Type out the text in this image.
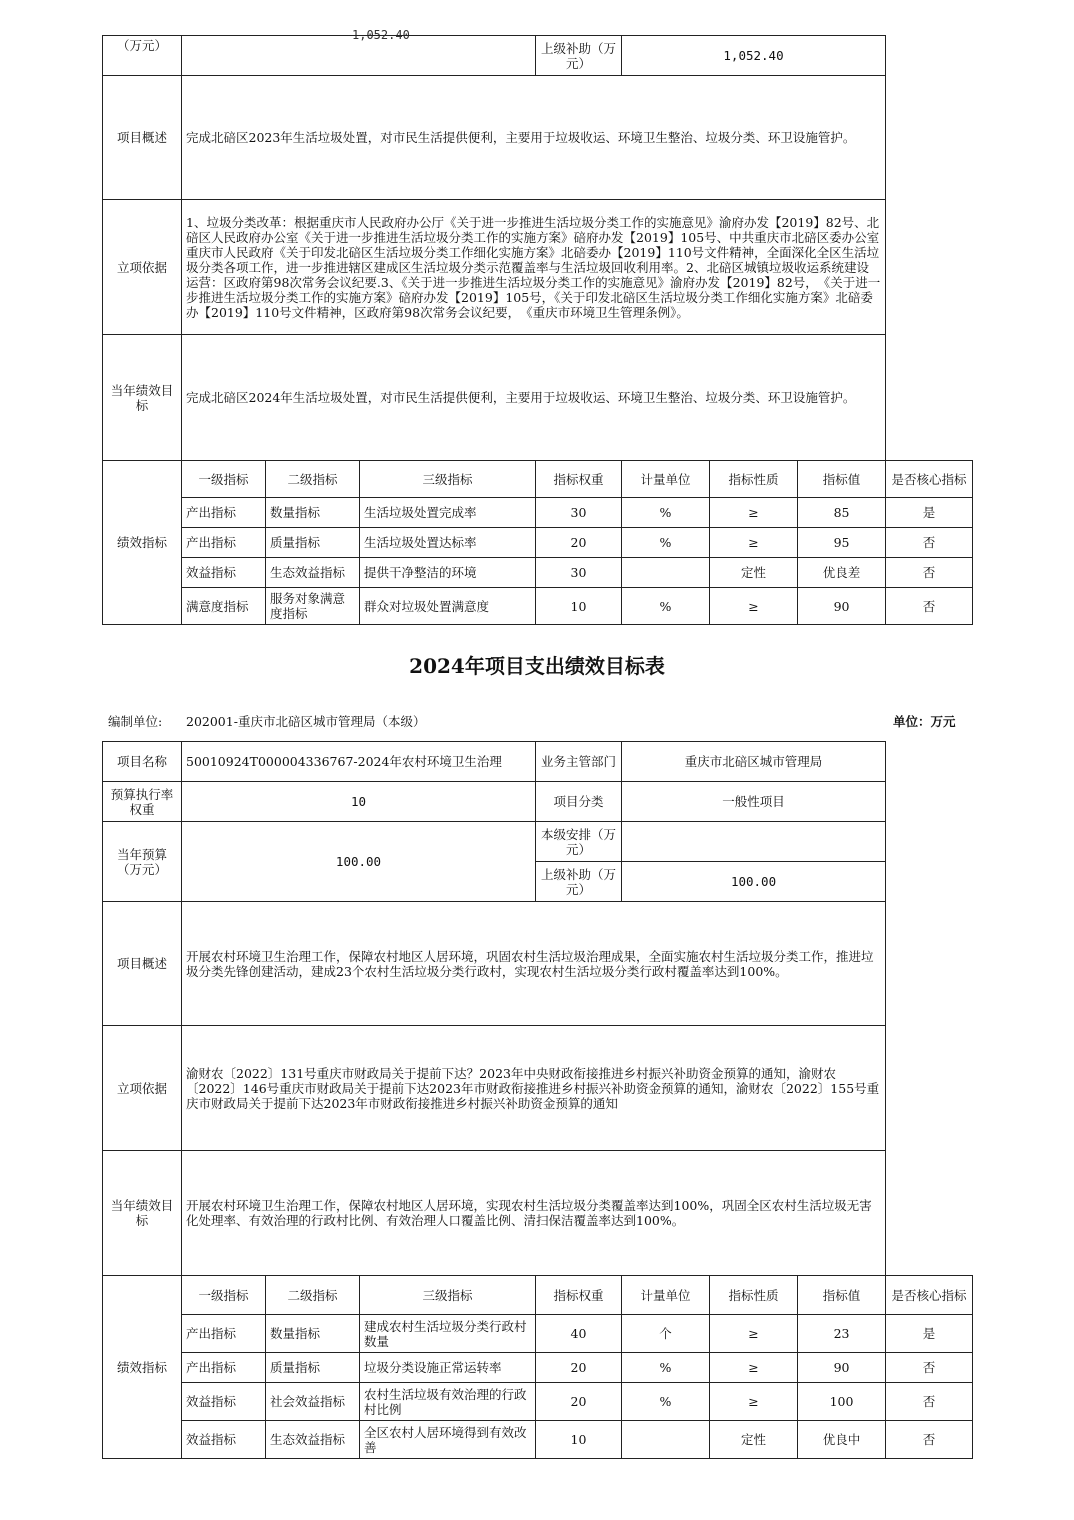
1,052.40
（万元）				上级补助（万元）	1,052.40			
项目概述	完成北碚区2023年生活垃圾处置，对市民生活提供便利，主要用于垃圾收运、环境卫生整治、垃圾分类、环卫设施管护。							
立项依据	1、垃圾分类改革：根据重庆市人民政府办公厅《关于进一步推进生活垃圾分类工作的实施意见》渝府办发【2019】82号、北碚区人民政府办公室《关于进一步推进生活垃圾分类工作的实施方案》碚府办发【2019】105号、中共重庆市北碚区委办公室重庆市人民政府《关于印发北碚区生活垃圾分类工作细化实施方案》北碚委办【2019】110号文件精神，全面深化全区生活垃圾分类各项工作，进一步推进辖区建成区生活垃圾分类示范覆盖率与生活垃圾回收利用率。2、北碚区城镇垃圾收运系统建设运营：区政府第98次常务会议纪要.3、《关于进一步推进生活垃圾分类工作的实施意见》渝府办发【2019】82号，　《关于进一步推进生活垃圾分类工作的实施方案》碚府办发【2019】105号，《关于印发北碚区生活垃圾分类工作细化实施方案》北碚委办【2019】110号文件精神，区政府第98次常务会议纪要，　《重庆市环境卫生管理条例》。							
当年绩效目标	完成北碚区2024年生活垃圾处置，对市民生活提供便利，主要用于垃圾收运、环境卫生整治、垃圾分类、环卫设施管护。							
绩效指标	一级指标	二级指标	三级指标	指标权重	计量单位	指标性质	指标值	是否核心指标
	产出指标	数量指标	生活垃圾处置完成率	30	%	≥	85	是
	产出指标	质量指标	生活垃圾处置达标率	20	%	≥	95	否
	效益指标	生态效益指标	提供干净整洁的环境	30		定性	优良差	否
	满意度指标	服务对象满意度指标	群众对垃圾处置满意度	10	%	≥	90	否
2024年项目支出绩效目标表
编制单位: 202001-重庆市北碚区城市管理局（本级）	单位：万元
项目名称	50010924T000004336767-2024年农村环境卫生治理			业务主管部门	重庆市北碚区城市管理局			
预算执行率权重	10			项目分类	一般性项目			
当年预算（万元）	100.00			本级安排（万元）				
				上级补助（万元）	100.00			
项目概述	开展农村环境卫生治理工作，保障农村地区人居环境，巩固农村生活垃圾治理成果，全面实施农村生活垃圾分类工作，推进垃圾分类先锋创建活动，建成23个农村生活垃圾分类行政村，实现农村生活垃圾分类行政村覆盖率达到100%。							
立项依据	渝财农〔2022〕131号重庆市财政局关于提前下达？2023年中央财政衔接推进乡村振兴补助资金预算的通知，渝财农〔2022〕146号重庆市财政局关于提前下达2023年市财政衔接推进乡村振兴补助资金预算的通知，渝财农〔2022〕155号重庆市财政局关于提前下达2023年市财政衔接推进乡村振兴补助资金预算的通知							
当年绩效目标	开展农村环境卫生治理工作，保障农村地区人居环境，实现农村生活垃圾分类覆盖率达到100%，巩固全区农村生活垃圾无害化处理率、有效治理的行政村比例、有效治理人口覆盖比例、清扫保洁覆盖率达到100%。							
绩效指标	一级指标	二级指标	三级指标	指标权重	计量单位	指标性质	指标值	是否核心指标
	产出指标	数量指标	建成农村生活垃圾分类行政村数量	40	个	≥	23	是
	产出指标	质量指标	垃圾分类设施正常运转率	20	%	≥	90	否
	效益指标	社会效益指标	农村生活垃圾有效治理的行政村比例	20	%	≥	100	否
	效益指标	生态效益指标	全区农村人居环境得到有效改善	10		定性	优良中	否
